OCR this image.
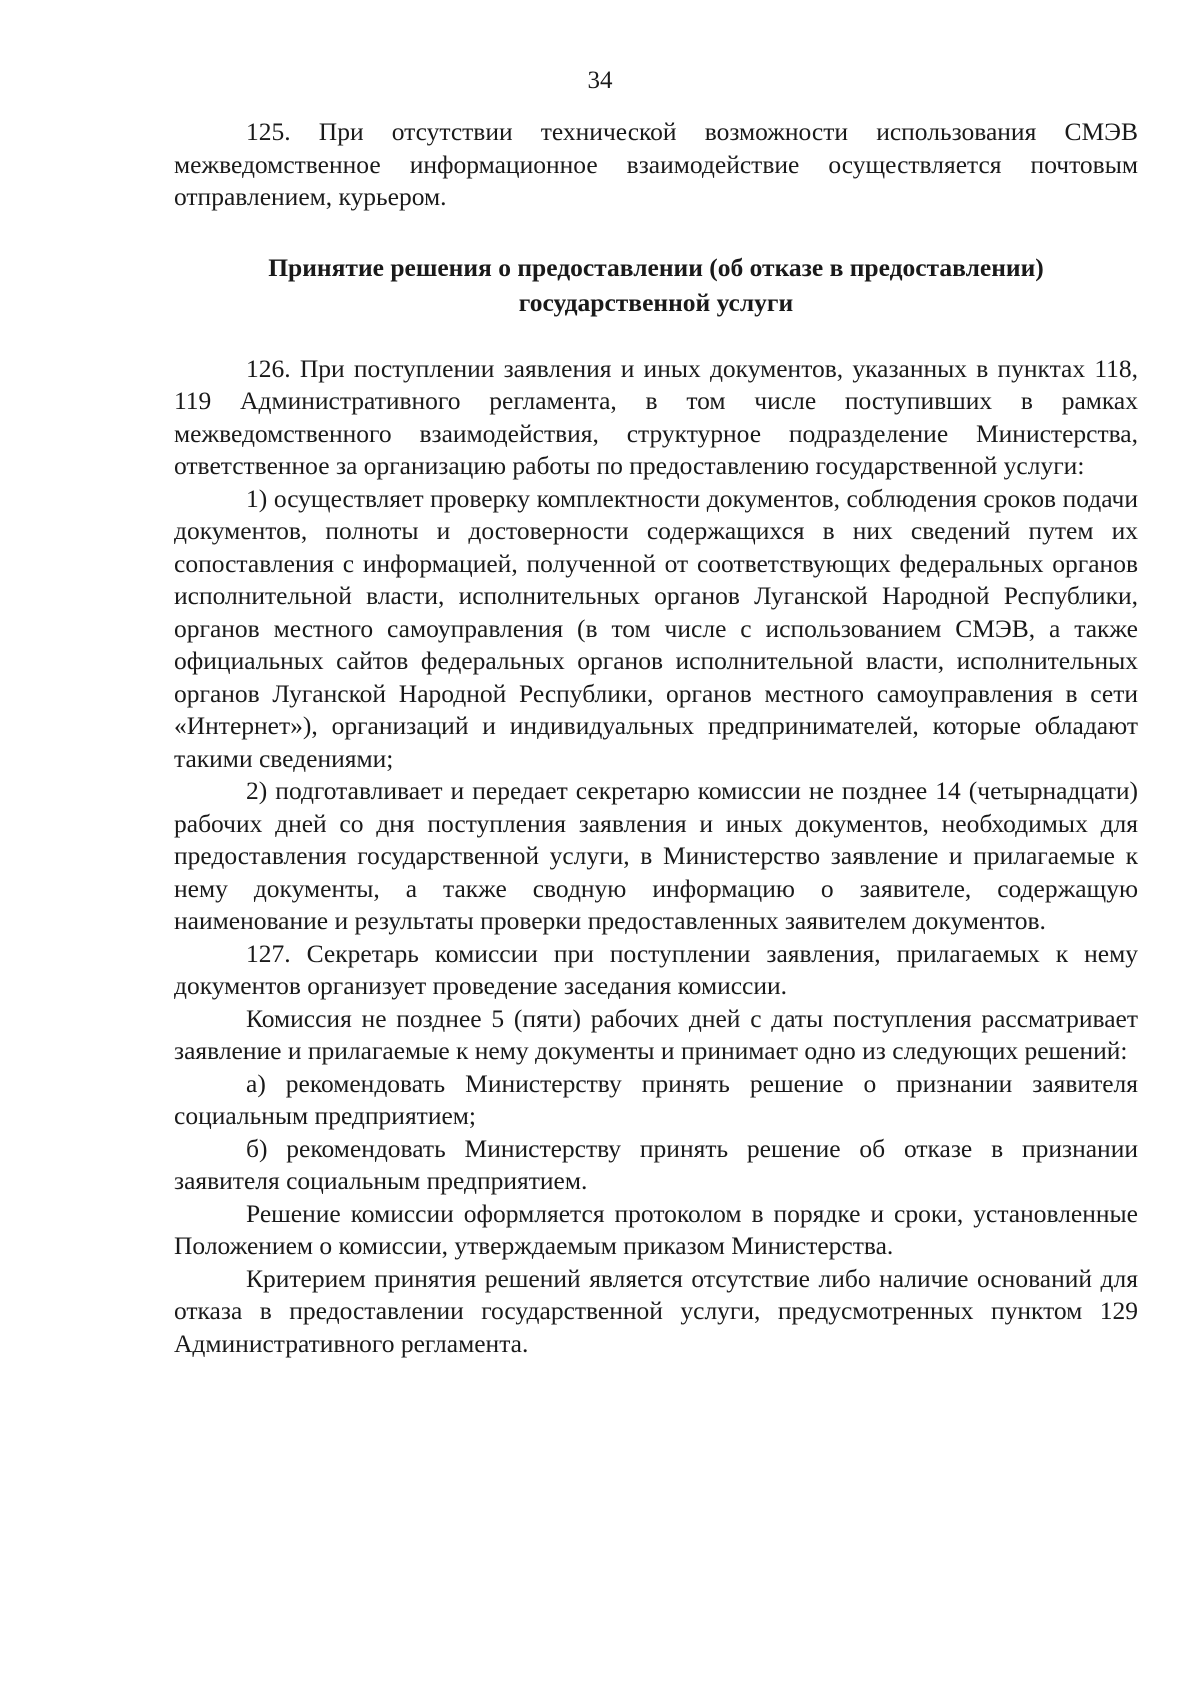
34

125. При отсутствии технической возможности использования СМЭВ межведомственное информационное взаимодействие осуществляется почтовым отправлением, курьером.

Принятие решения о предоставлении (об отказе в предоставлении)
государственной услуги

126. При поступлении заявления и иных документов, указанных в пунктах 118, 119 Административного регламента, в том числе поступивших в рамках межведомственного взаимодействия, структурное подразделение Министерства, ответственное за организацию работы по предоставлению государственной услуги:

1) осуществляет проверку комплектности документов, соблюдения сроков подачи документов, полноты и достоверности содержащихся в них сведений путем их сопоставления с информацией, полученной от соответствующих федеральных органов исполнительной власти, исполнительных органов Луганской Народной Республики, органов местного самоуправления (в том числе с использованием СМЭВ, а также официальных сайтов федеральных органов исполнительной власти, исполнительных органов Луганской Народной Республики, органов местного самоуправления в сети «Интернет»), организаций и индивидуальных предпринимателей, которые обладают такими сведениями;

2) подготавливает и передает секретарю комиссии не позднее 14 (четырнадцати) рабочих дней со дня поступления заявления и иных документов, необходимых для предоставления государственной услуги, в Министерство заявление и прилагаемые к нему документы, а также сводную информацию о заявителе, содержащую наименование и результаты проверки предоставленных заявителем документов.

127. Секретарь комиссии при поступлении заявления, прилагаемых к нему документов организует проведение заседания комиссии.

Комиссия не позднее 5 (пяти) рабочих дней с даты поступления рассматривает заявление и прилагаемые к нему документы и принимает одно из следующих решений:

а) рекомендовать Министерству принять решение о признании заявителя социальным предприятием;

б) рекомендовать Министерству принять решение об отказе в признании заявителя социальным предприятием.

Решение комиссии оформляется протоколом в порядке и сроки, установленные Положением о комиссии, утверждаемым приказом Министерства.

Критерием принятия решений является отсутствие либо наличие оснований для отказа в предоставлении государственной услуги, предусмотренных пунктом 129 Административного регламента.
